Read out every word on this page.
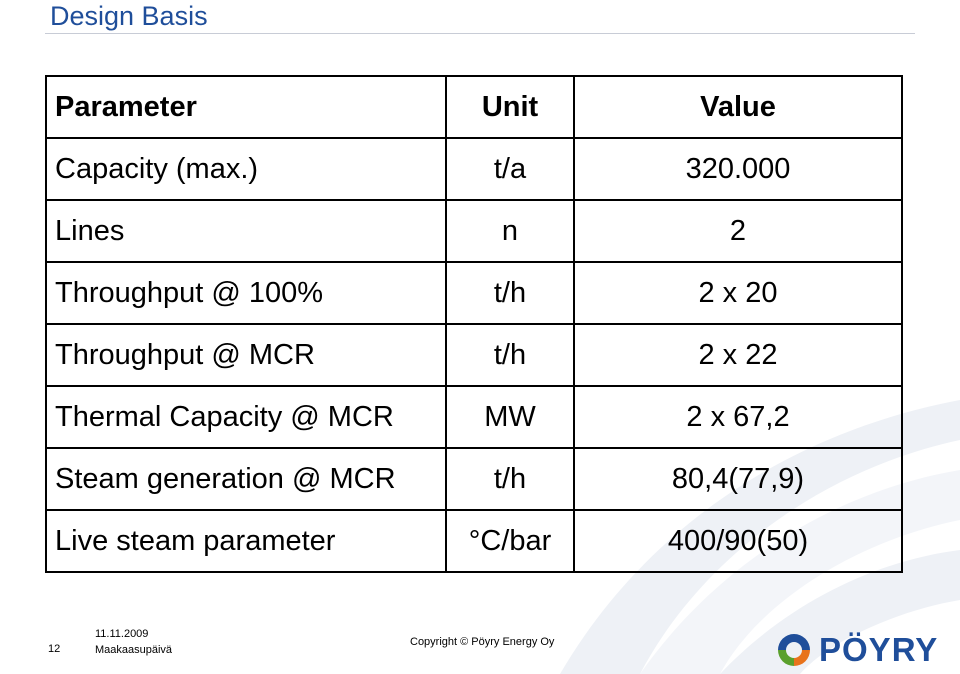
Design Basis
Parameter	Unit	Value
Capacity (max.)	t/a	320.000
Lines	n	2
Throughput @ 100%	t/h	2 x 20
Throughput @ MCR	t/h	2 x 22
Thermal Capacity @ MCR	MW	2 x 67,2
Steam generation @ MCR	t/h	80,4(77,9)
Live steam parameter	°C/bar	400/90(50)
12
11.11.2009
Maakaasupäivä
Copyright © Pöyry Energy Oy	PÖYRY
